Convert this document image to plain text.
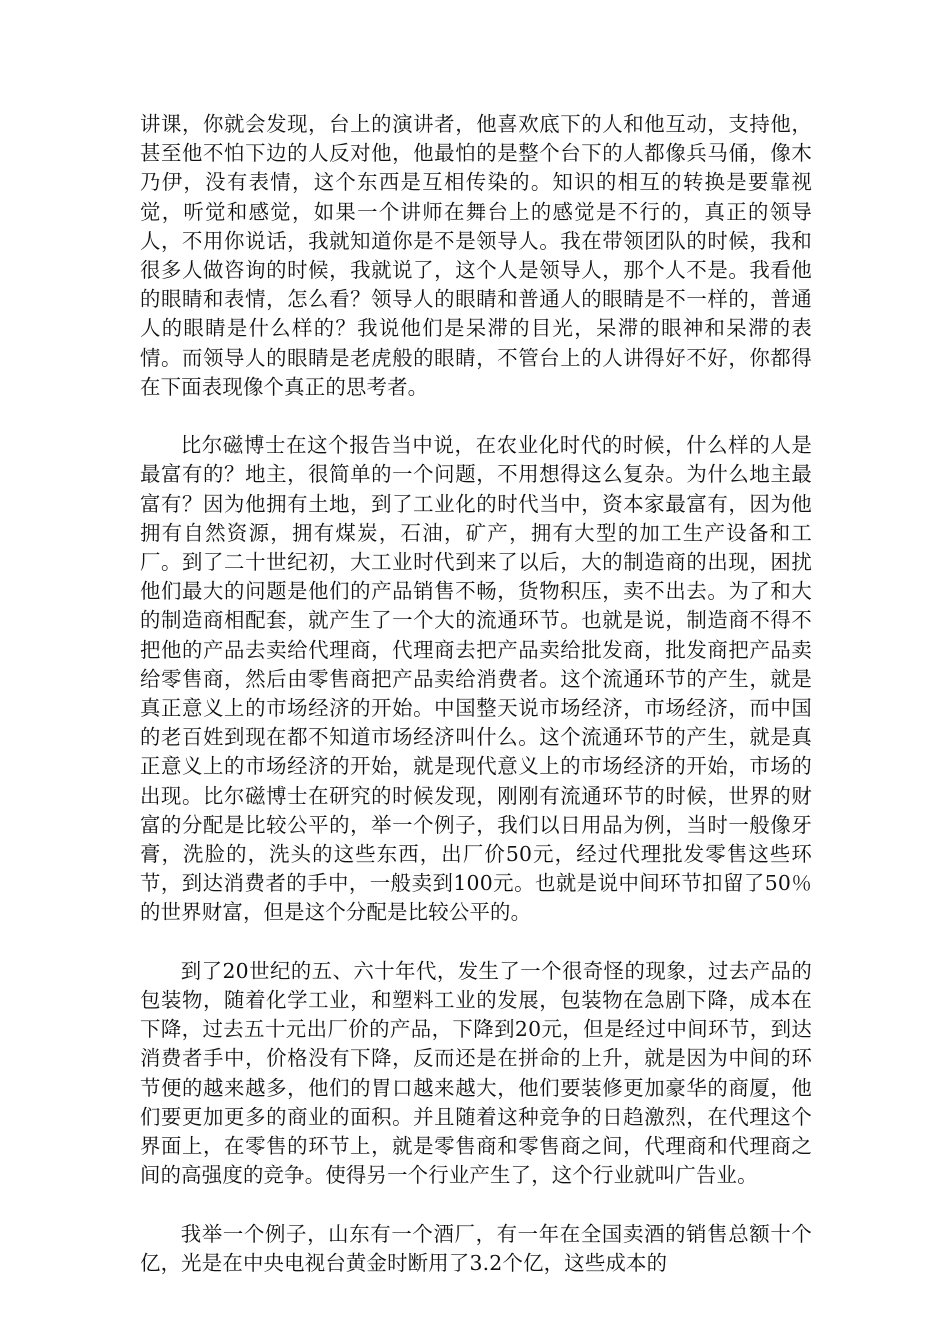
讲课，你就会发现，台上的演讲者，他喜欢底下的人和他互动，支持他，甚至他不怕下边的人反对他，他最怕的是整个台下的人都像兵马俑，像木乃伊，没有表情，这个东西是互相传染的。知识的相互的转换是要靠视觉，听觉和感觉，如果一个讲师在舞台上的感觉是不行的，真正的领导人，不用你说话，我就知道你是不是领导人。我在带领团队的时候，我和很多人做咨询的时候，我就说了，这个人是领导人，那个人不是。我看他的眼睛和表情，怎么看？领导人的眼睛和普通人的眼睛是不一样的，普通人的眼睛是什么样的？我说他们是呆滞的目光，呆滞的眼神和呆滞的表情。而领导人的眼睛是老虎般的眼睛，不管台上的人讲得好不好，你都得在下面表现像个真正的思考者。

比尔磁博士在这个报告当中说，在农业化时代的时候，什么样的人是最富有的？地主，很简单的一个问题，不用想得这么复杂。为什么地主最富有？因为他拥有土地，到了工业化的时代当中，资本家最富有，因为他拥有自然资源，拥有煤炭，石油，矿产，拥有大型的加工生产设备和工厂。到了二十世纪初，大工业时代到来了以后，大的制造商的出现，困扰他们最大的问题是他们的产品销售不畅，货物积压，卖不出去。为了和大的制造商相配套，就产生了一个大的流通环节。也就是说，制造商不得不把他的产品去卖给代理商，代理商去把产品卖给批发商，批发商把产品卖给零售商，然后由零售商把产品卖给消费者。这个流通环节的产生，就是真正意义上的市场经济的开始。中国整天说市场经济，市场经济，而中国的老百姓到现在都不知道市场经济叫什么。这个流通环节的产生，就是真正意义上的市场经济的开始，就是现代意义上的市场经济的开始，市场的出现。比尔磁博士在研究的时候发现，刚刚有流通环节的时候，世界的财富的分配是比较公平的，举一个例子，我们以日用品为例，当时一般像牙膏，洗脸的，洗头的这些东西，出厂价50元，经过代理批发零售这些环节，到达消费者的手中，一般卖到100元。也就是说中间环节扣留了50％的世界财富，但是这个分配是比较公平的。

到了20世纪的五、六十年代，发生了一个很奇怪的现象，过去产品的包装物，随着化学工业，和塑料工业的发展，包装物在急剧下降，成本在下降，过去五十元出厂价的产品，下降到20元，但是经过中间环节，到达消费者手中，价格没有下降，反而还是在拼命的上升，就是因为中间的环节便的越来越多，他们的胃口越来越大，他们要装修更加豪华的商厦，他们要更加更多的商业的面积。并且随着这种竞争的日趋激烈，在代理这个界面上，在零售的环节上，就是零售商和零售商之间，代理商和代理商之间的高强度的竞争。使得另一个行业产生了，这个行业就叫广告业。

我举一个例子，山东有一个酒厂，有一年在全国卖酒的销售总额十个亿，光是在中央电视台黄金时断用了3.2个亿，这些成本的
